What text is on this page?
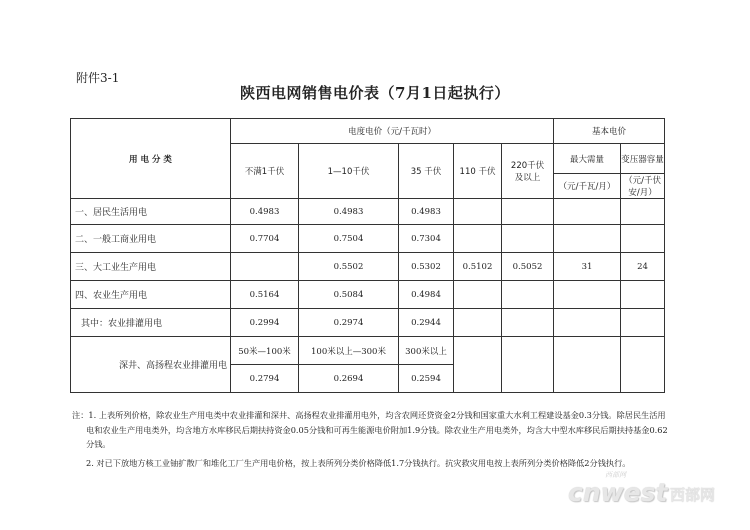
附件3-1
陕西电网销售电价表（7月1日起执行）
用 电 分 类	电度电价（元/千瓦时）					基本电价	
	不满1千伏	1—10千伏	35 千伏	110 千伏	220千伏及以上	最大需量	变压器容量
						（元/千瓦/月）	（元/千伏安/月）
一、居民生活用电	0.4983	0.4983	0.4983				
二、一般工商业用电	0.7704	0.7504	0.7304				
三、大工业生产用电		0.5502	0.5302	0.5102	0.5052	31	24
四、农业生产用电	0.5164	0.5084	0.4984				
其中：农业排灌用电	0.2994	0.2974	0.2944				
深井、高扬程农业排灌用电	50米—100米	100米以上—300米	300米以上				
	0.2794	0.2694	0.2594				

注：1. 上表所列价格，除农业生产用电类中农业排灌和深井、高扬程农业排灌用电外，均含农网还贷资金2分钱和国家重大水利工程建设基金0.3分钱。除居民生活用电和农业生产用电类外，均含地方水库移民后期扶持资金0.05分钱和可再生能源电价附加1.9分钱。除农业生产用电类外，均含大中型水库移民后期扶持基金0.62分钱。

2. 对已下放地方核工业铀扩散厂和堆化工厂生产用电价格，按上表所列分类价格降低1.7分钱执行。抗灾救灾用电按上表所列分类价格降低2分钱执行。

西部网
cnwest 西部网
